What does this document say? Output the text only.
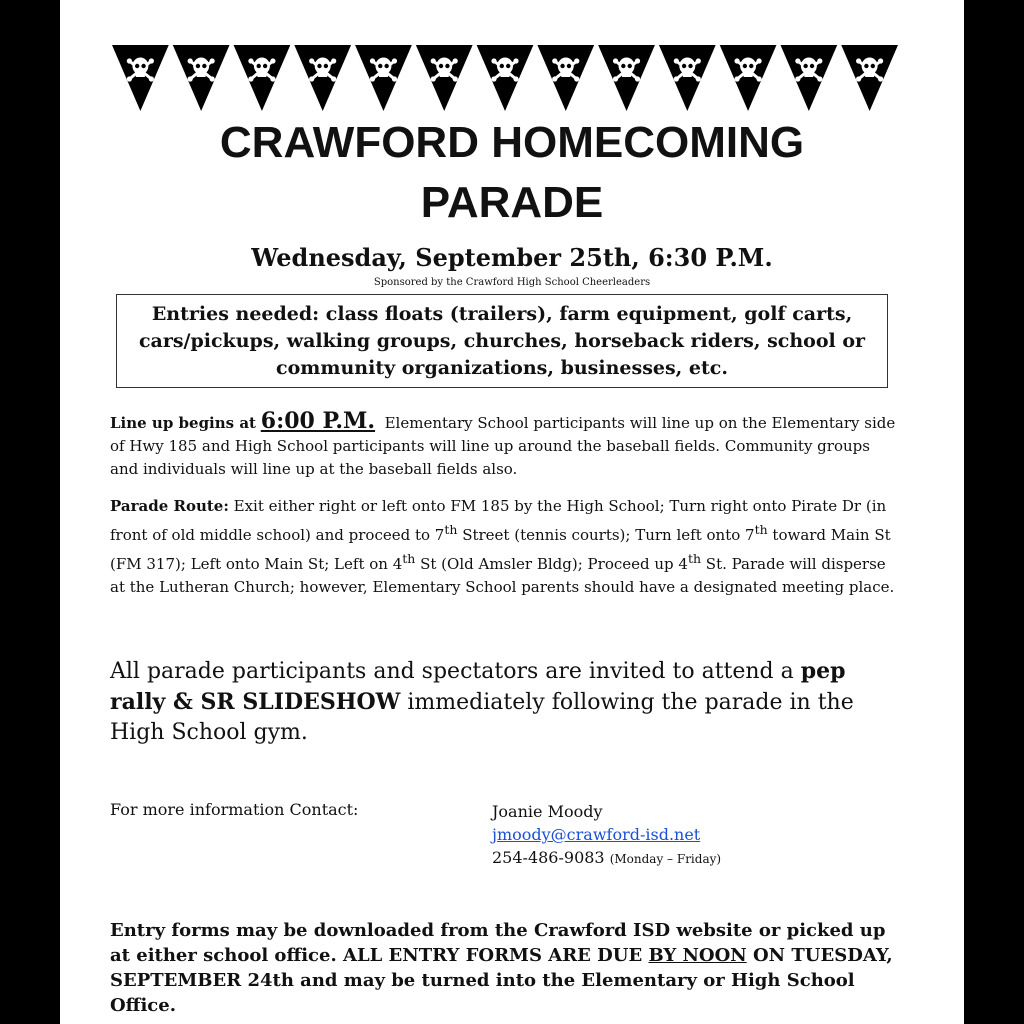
CRAWFORD HOMECOMING
PARADE
Wednesday, September 25th, 6:30 P.M.
Sponsored by the Crawford High School Cheerleaders
Entries needed: class floats (trailers), farm equipment, golf carts, cars/pickups, walking groups, churches, horseback riders, school or community organizations, businesses, etc.
Line up begins at 6:00 P.M. Elementary School participants will line up on the Elementary side of Hwy 185 and High School participants will line up around the baseball fields. Community groups and individuals will line up at the baseball fields also.
Parade Route: Exit either right or left onto FM 185 by the High School; Turn right onto Pirate Dr (in front of old middle school) and proceed to 7th Street (tennis courts); Turn left onto 7th toward Main St (FM 317); Left onto Main St; Left on 4th St (Old Amsler Bldg); Proceed up 4th St. Parade will disperse at the Lutheran Church; however, Elementary School parents should have a designated meeting place.
All parade participants and spectators are invited to attend a pep rally & SR SLIDESHOW immediately following the parade in the High School gym.
For more information Contact:	Joanie Moody
jmoody@crawford-isd.net
254-486-9083 (Monday – Friday)
Entry forms may be downloaded from the Crawford ISD website or picked up at either school office. ALL ENTRY FORMS ARE DUE BY NOON ON TUESDAY, SEPTEMBER 24th and may be turned into the Elementary or High School Office.
